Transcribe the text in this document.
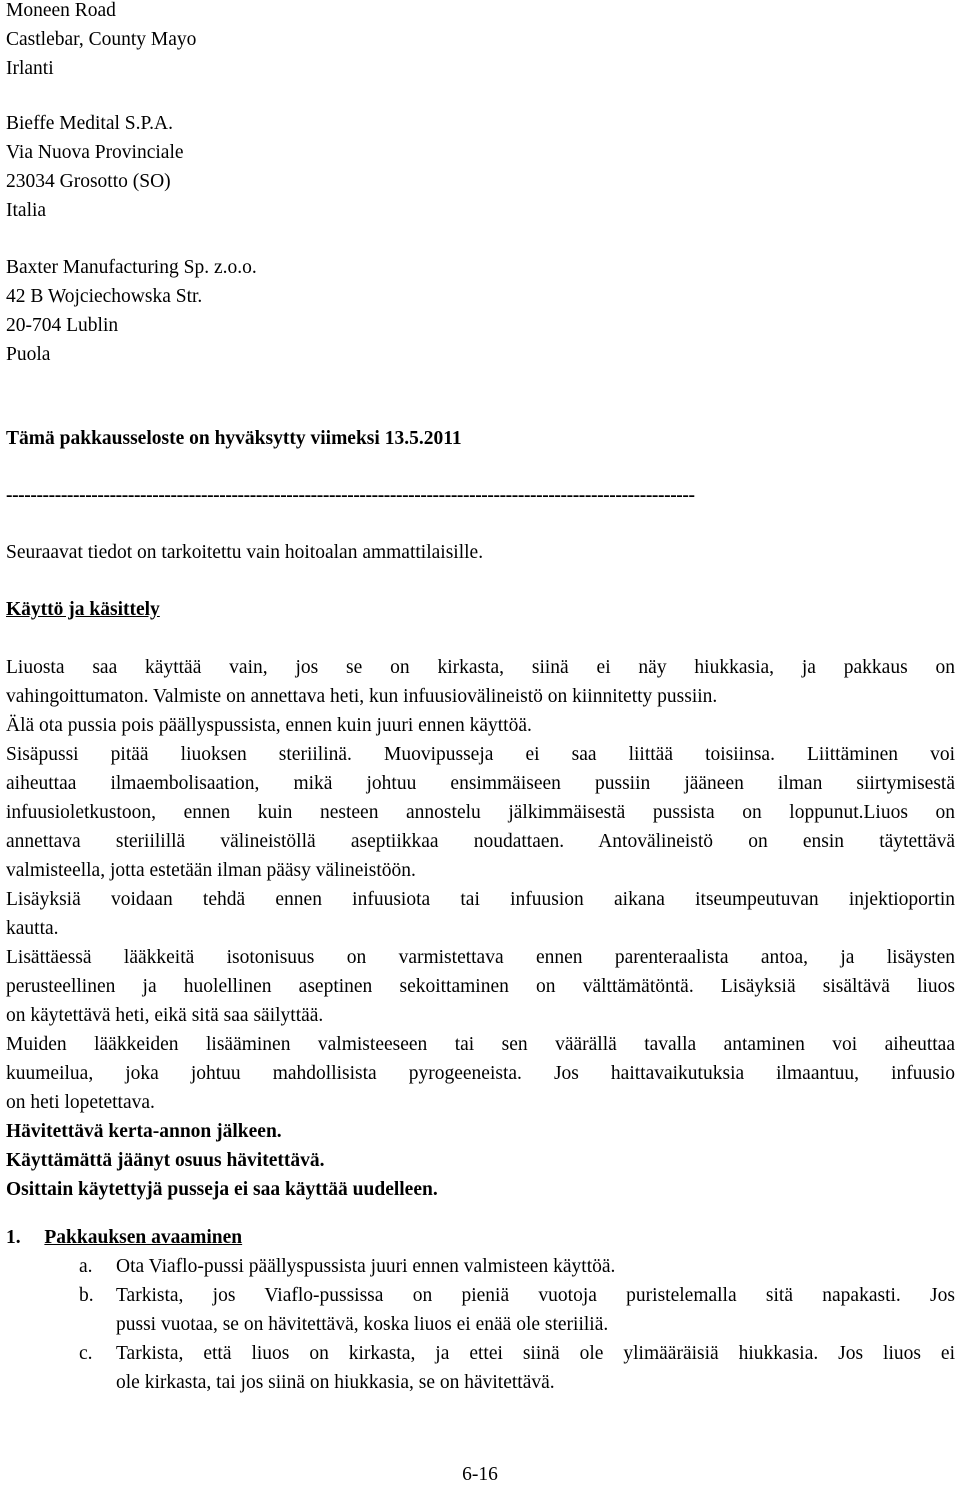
Moneen Road
Castlebar, County Mayo
Irlanti
Bieffe Medital S.P.A.
Via Nuova Provinciale
23034 Grosotto (SO)
Italia
Baxter Manufacturing Sp. z.o.o.
42 B Wojciechowska Str.
20-704 Lublin
Puola
Tämä pakkausseloste on hyväksytty viimeksi 13.5.2011
-----------------------------------------------------------------------------------------------------------------
Seuraavat tiedot on tarkoitettu vain hoitoalan ammattilaisille.
Käyttö ja käsittely
Liuosta saa käyttää vain, jos se on kirkasta, siinä ei näy hiukkasia, ja pakkaus on
vahingoittumaton. Valmiste on annettava heti, kun infuusiovälineistö on kiinnitetty pussiin.
Älä ota pussia pois päällyspussista, ennen kuin juuri ennen käyttöä.
Sisäpussi pitää liuoksen steriilinä. Muovipusseja ei saa liittää toisiinsa. Liittäminen voi
aiheuttaa ilmaembolisaation, mikä johtuu ensimmäiseen pussiin jääneen ilman siirtymisestä
infuusioletkustoon, ennen kuin nesteen annostelu jälkimmäisestä pussista on loppunut.Liuos on
annettava steriilillä välineistöllä aseptiikkaa noudattaen. Antovälineistö on ensin täytettävä
valmisteella, jotta estetään ilman pääsy välineistöön.
Lisäyksiä voidaan tehdä ennen infuusiota tai infuusion aikana itseumpeutuvan injektioportin
kautta.
Lisättäessä lääkkeitä isotonisuus on varmistettava ennen parenteraalista antoa, ja lisäysten
perusteellinen ja huolellinen aseptinen sekoittaminen on välttämätöntä. Lisäyksiä sisältävä liuos
on käytettävä heti, eikä sitä saa säilyttää.
Muiden lääkkeiden lisääminen valmisteeseen tai sen väärällä tavalla antaminen voi aiheuttaa
kuumeilua, joka johtuu mahdollisista pyrogeeneista. Jos haittavaikutuksia ilmaantuu, infuusio
on heti lopetettava.
Hävitettävä kerta-annon jälkeen.
Käyttämättä jäänyt osuus hävitettävä.
Osittain käytettyjä pusseja ei saa käyttää uudelleen.
1. Pakkauksen avaaminen
a.	Ota Viaflo-pussi päällyspussista juuri ennen valmisteen käyttöä.
b.	Tarkista, jos Viaflo-pussissa on pieniä vuotoja puristelemalla sitä napakasti. Jos
pussi vuotaa, se on hävitettävä, koska liuos ei enää ole steriiliä.
c.	Tarkista, että liuos on kirkasta, ja ettei siinä ole ylimääräisiä hiukkasia. Jos liuos ei
ole kirkasta, tai jos siinä on hiukkasia, se on hävitettävä.
6-16
